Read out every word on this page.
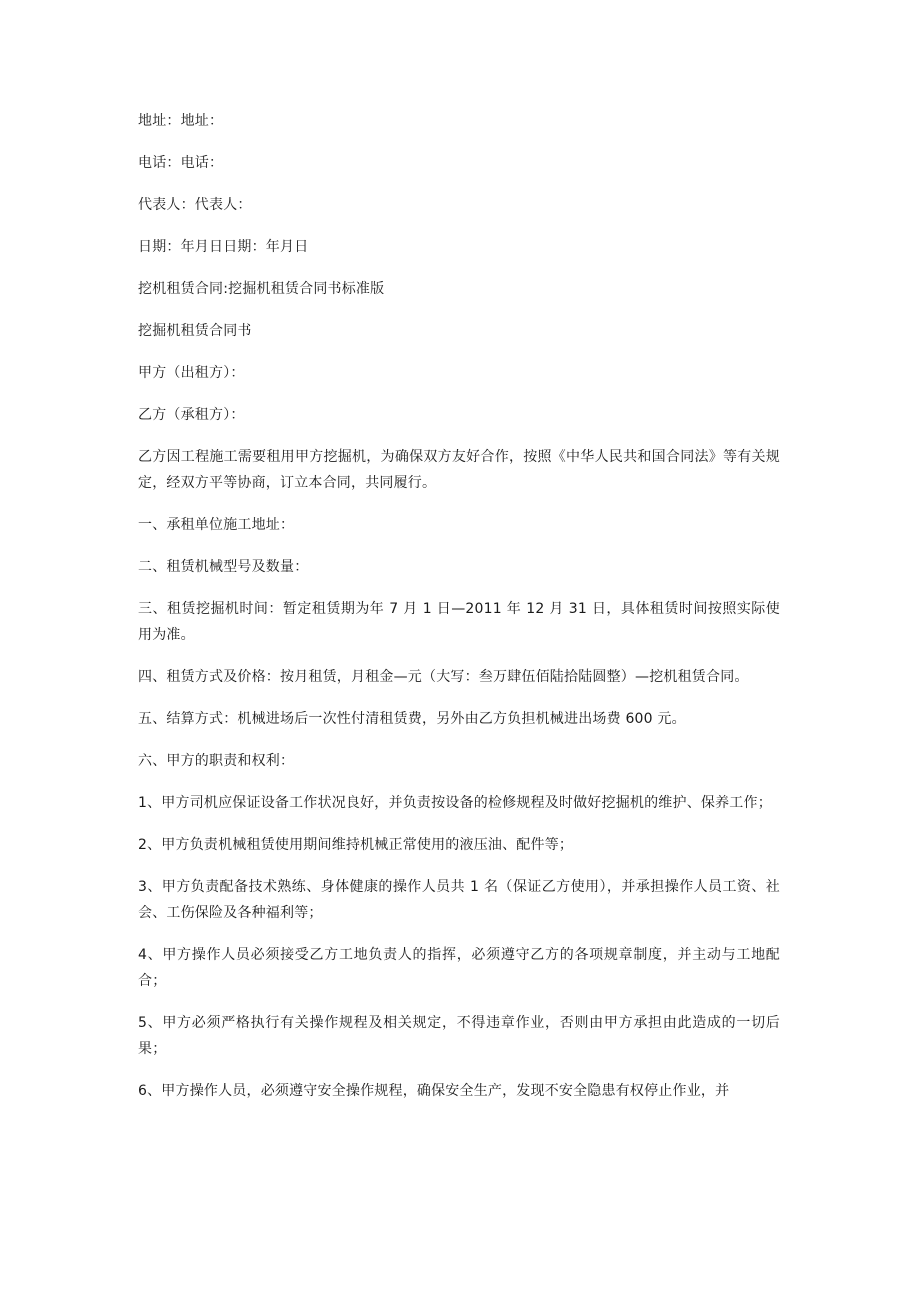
地址：地址：

电话：电话：

代表人：代表人：

日期：年月日日期：年月日

挖机租赁合同:挖掘机租赁合同书标准版

挖掘机租赁合同书

甲方（出租方）：

乙方（承租方）：

乙方因工程施工需要租用甲方挖掘机，为确保双方友好合作，按照《中华人民共和国合同法》等有关规定，经双方平等协商，订立本合同，共同履行。

一、承租单位施工地址：

二、租赁机械型号及数量：

三、租赁挖掘机时间：暂定租赁期为年 7 月 1 日—2011 年 12 月 31 日，具体租赁时间按照实际使用为准。

四、租赁方式及价格：按月租赁，月租金—元（大写：叁万肆伍佰陆拾陆圆整）—挖机租赁合同。

五、结算方式：机械进场后一次性付清租赁费，另外由乙方负担机械进出场费 600 元。

六、甲方的职责和权利：

1、甲方司机应保证设备工作状况良好，并负责按设备的检修规程及时做好挖掘机的维护、保养工作；

2、甲方负责机械租赁使用期间维持机械正常使用的液压油、配件等；

3、甲方负责配备技术熟练、身体健康的操作人员共 1 名（保证乙方使用），并承担操作人员工资、社会、工伤保险及各种福利等；

4、甲方操作人员必须接受乙方工地负责人的指挥，必须遵守乙方的各项规章制度，并主动与工地配合；

5、甲方必须严格执行有关操作规程及相关规定，不得违章作业，否则由甲方承担由此造成的一切后果；

6、甲方操作人员，必须遵守安全操作规程，确保安全生产，发现不安全隐患有权停止作业，并
